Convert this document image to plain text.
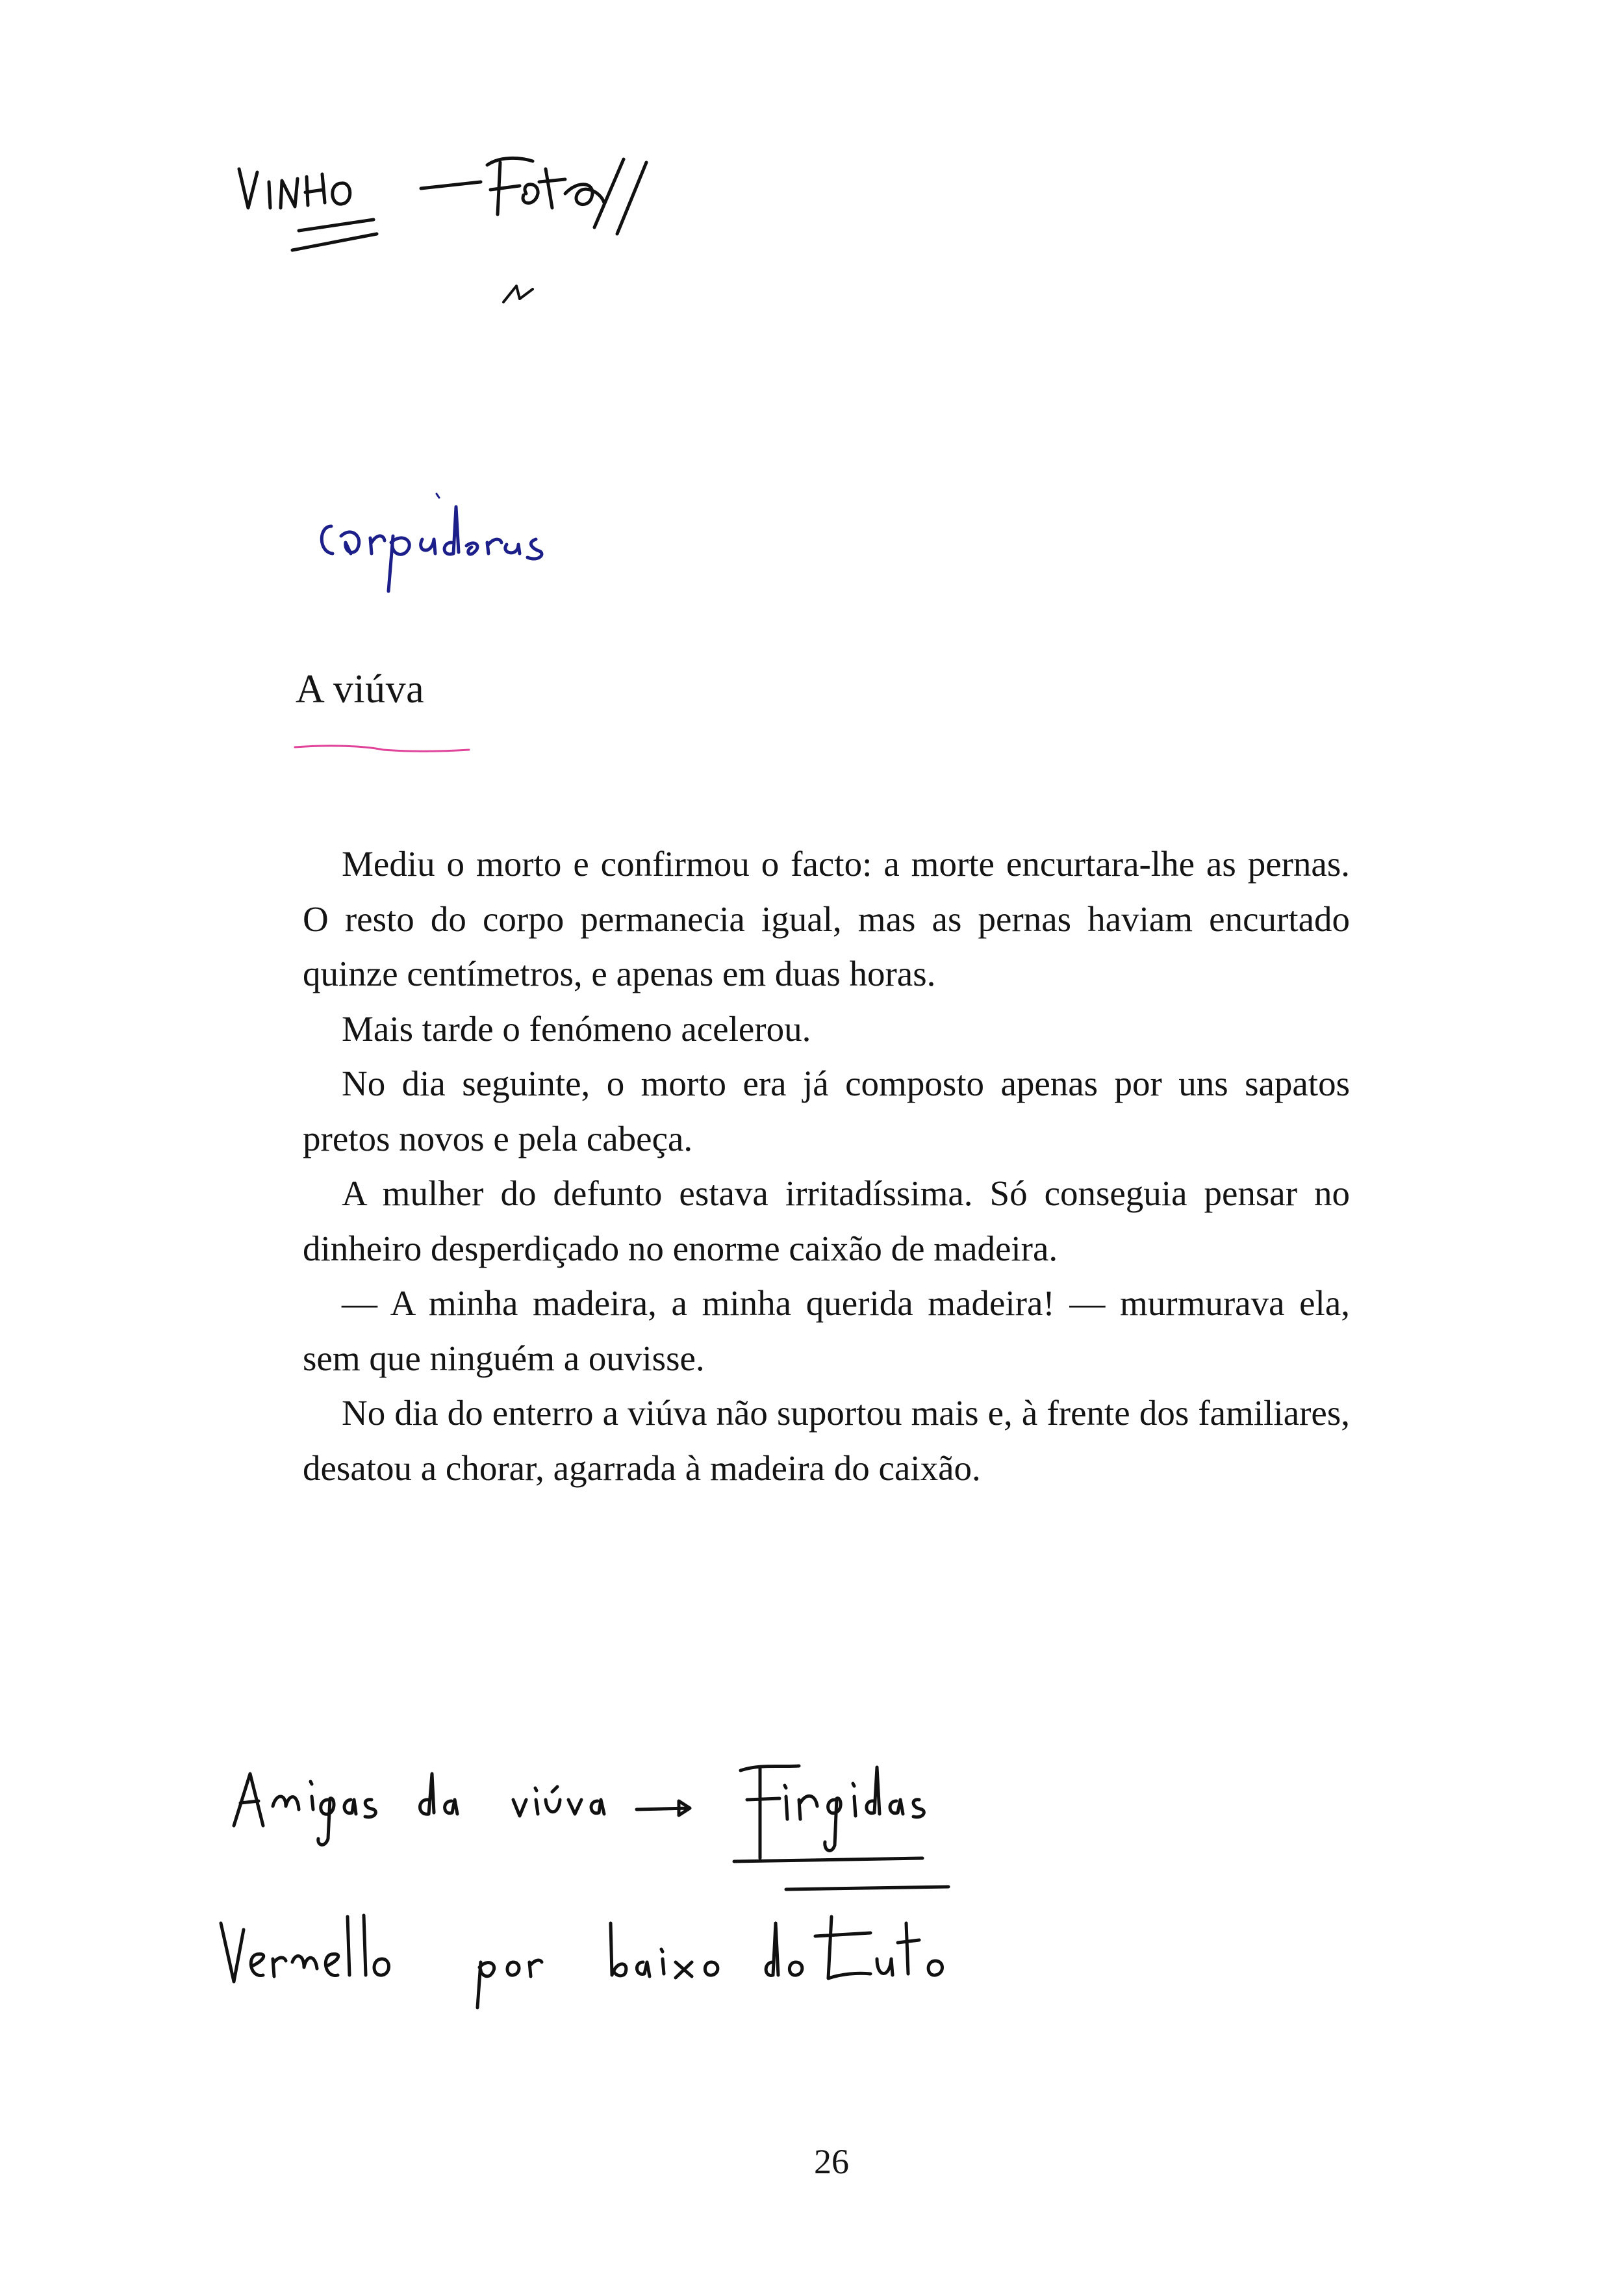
A viúva

Mediu o morto e confirmou o facto: a morte encurtara-lhe as pernas. O resto do corpo permanecia igual, mas as pernas haviam encurtado quinze centímetros, e apenas em duas horas.

Mais tarde o fenómeno acelerou.

No dia seguinte, o morto era já composto apenas por uns sapatos pretos novos e pela cabeça.

A mulher do defunto estava irritadíssima. Só conseguia pensar no dinheiro desperdiçado no enorme caixão de madeira.

— A minha madeira, a minha querida madeira! — murmurava ela, sem que ninguém a ouvisse.

No dia do enterro a viúva não suportou mais e, à frente dos familiares, desatou a chorar, agarrada à madeira do caixão.

26
